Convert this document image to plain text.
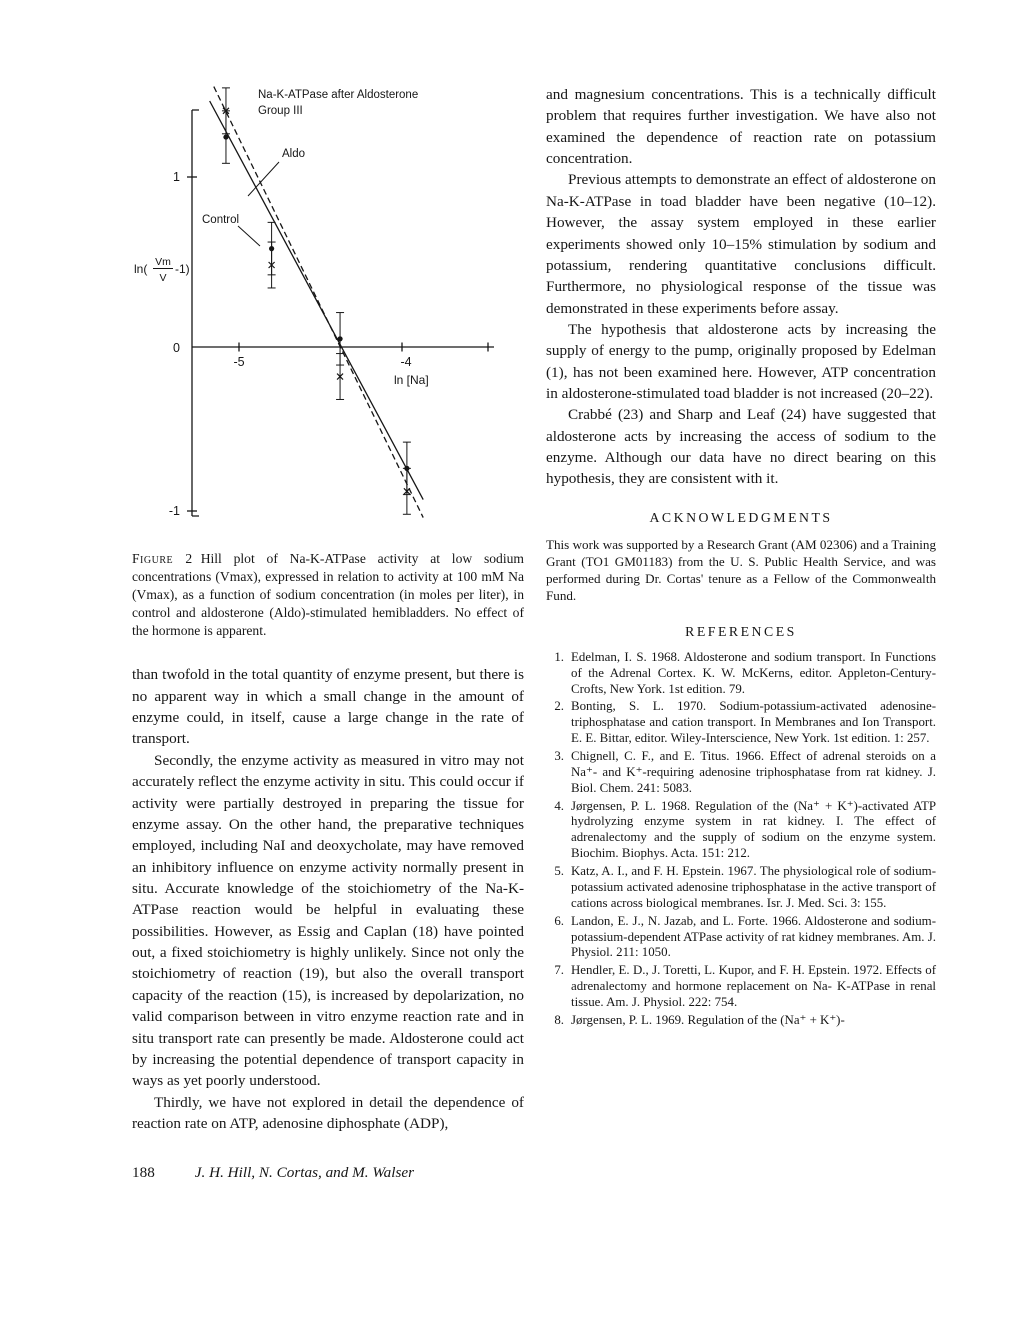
Na-K-ATPase after Aldosterone
Group III
Aldo
Control
ln( Vm
V
-1)
1
0
-1
-5	-4
ln [Na]

Figure 2 Hill plot of Na-K-ATPase activity at low sodium concentrations (Vmax), expressed in relation to activity at 100 mM Na (Vmax), as a function of sodium concentration (in moles per liter), in control and aldosterone (Aldo)-stimulated hemibladders. No effect of the hormone is apparent.

than twofold in the total quantity of enzyme present, but there is no apparent way in which a small change in the amount of enzyme could, in itself, cause a large change in the rate of transport.

Secondly, the enzyme activity as measured in vitro may not accurately reflect the enzyme activity in situ. This could occur if activity were partially destroyed in preparing the tissue for enzyme assay. On the other hand, the preparative techniques employed, including NaI and deoxycholate, may have removed an inhibitory influence on enzyme activity normally present in situ. Accurate knowledge of the stoichiometry of the Na-K-ATPase reaction would be helpful in evaluating these possibilities. However, as Essig and Caplan (18) have pointed out, a fixed stoichiometry is highly unlikely. Since not only the stoichiometry of reaction (19), but also the overall transport capacity of the reaction (15), is increased by depolarization, no valid comparison between in vitro enzyme reaction rate and in situ transport rate can presently be made. Aldosterone could act by increasing the potential dependence of transport capacity in ways as yet poorly understood.

Thirdly, we have not explored in detail the dependence of reaction rate on ATP, adenosine diphosphate (ADP),

188	J. H. Hill, N. Cortas, and M. Walser

and magnesium concentrations. This is a technically difficult problem that requires further investigation. We have also not examined the dependence of reaction rate on potassium concentration.

Previous attempts to demonstrate an effect of aldosterone on Na-K-ATPase in toad bladder have been negative (10–12). However, the assay system employed in these earlier experiments showed only 10–15% stimulation by sodium and potassium, rendering quantitative conclusions difficult. Furthermore, no physiological response of the tissue was demonstrated in these experiments before assay.

The hypothesis that aldosterone acts by increasing the supply of energy to the pump, originally proposed by Edelman (1), has not been examined here. However, ATP concentration in aldosterone-stimulated toad bladder is not increased (20–22).

Crabbé (23) and Sharp and Leaf (24) have suggested that aldosterone acts by increasing the access of sodium to the enzyme. Although our data have no direct bearing on this hypothesis, they are consistent with it.

ACKNOWLEDGMENTS

This work was supported by a Research Grant (AM 02306) and a Training Grant (TO1 GM01183) from the U. S. Public Health Service, and was performed during Dr. Cortas' tenure as a Fellow of the Commonwealth Fund.

REFERENCES
1. Edelman, I. S. 1968. Aldosterone and sodium transport. In Functions of the Adrenal Cortex. K. W. McKerns, editor. Appleton-Century-Crofts, New York. 1st edition. 79.
2. Bonting, S. L. 1970. Sodium-potassium-activated adenosine-triphosphatase and cation transport. In Membranes and Ion Transport. E. E. Bittar, editor. Wiley-Interscience, New York. 1st edition. 1: 257.
3. Chignell, C. F., and E. Titus. 1966. Effect of adrenal steroids on a Na⁺- and K⁺-requiring adenosine triphosphatase from rat kidney. J. Biol. Chem. 241: 5083.
4. Jørgensen, P. L. 1968. Regulation of the (Na⁺ + K⁺)-activated ATP hydrolyzing enzyme system in rat kidney. I. The effect of adrenalectomy and the supply of sodium on the enzyme system. Biochim. Biophys. Acta. 151: 212.
5. Katz, A. I., and F. H. Epstein. 1967. The physiological role of sodium-potassium activated adenosine triphosphatase in the active transport of cations across biological membranes. Isr. J. Med. Sci. 3: 155.
6. Landon, E. J., N. Jazab, and L. Forte. 1966. Aldosterone and sodium-potassium-dependent ATPase activity of rat kidney membranes. Am. J. Physiol. 211: 1050.
7. Hendler, E. D., J. Toretti, L. Kupor, and F. H. Epstein. 1972. Effects of adrenalectomy and hormone replacement on Na- K-ATPase in renal tissue. Am. J. Physiol. 222: 754.
8. Jørgensen, P. L. 1969. Regulation of the (Na⁺ + K⁺)-
